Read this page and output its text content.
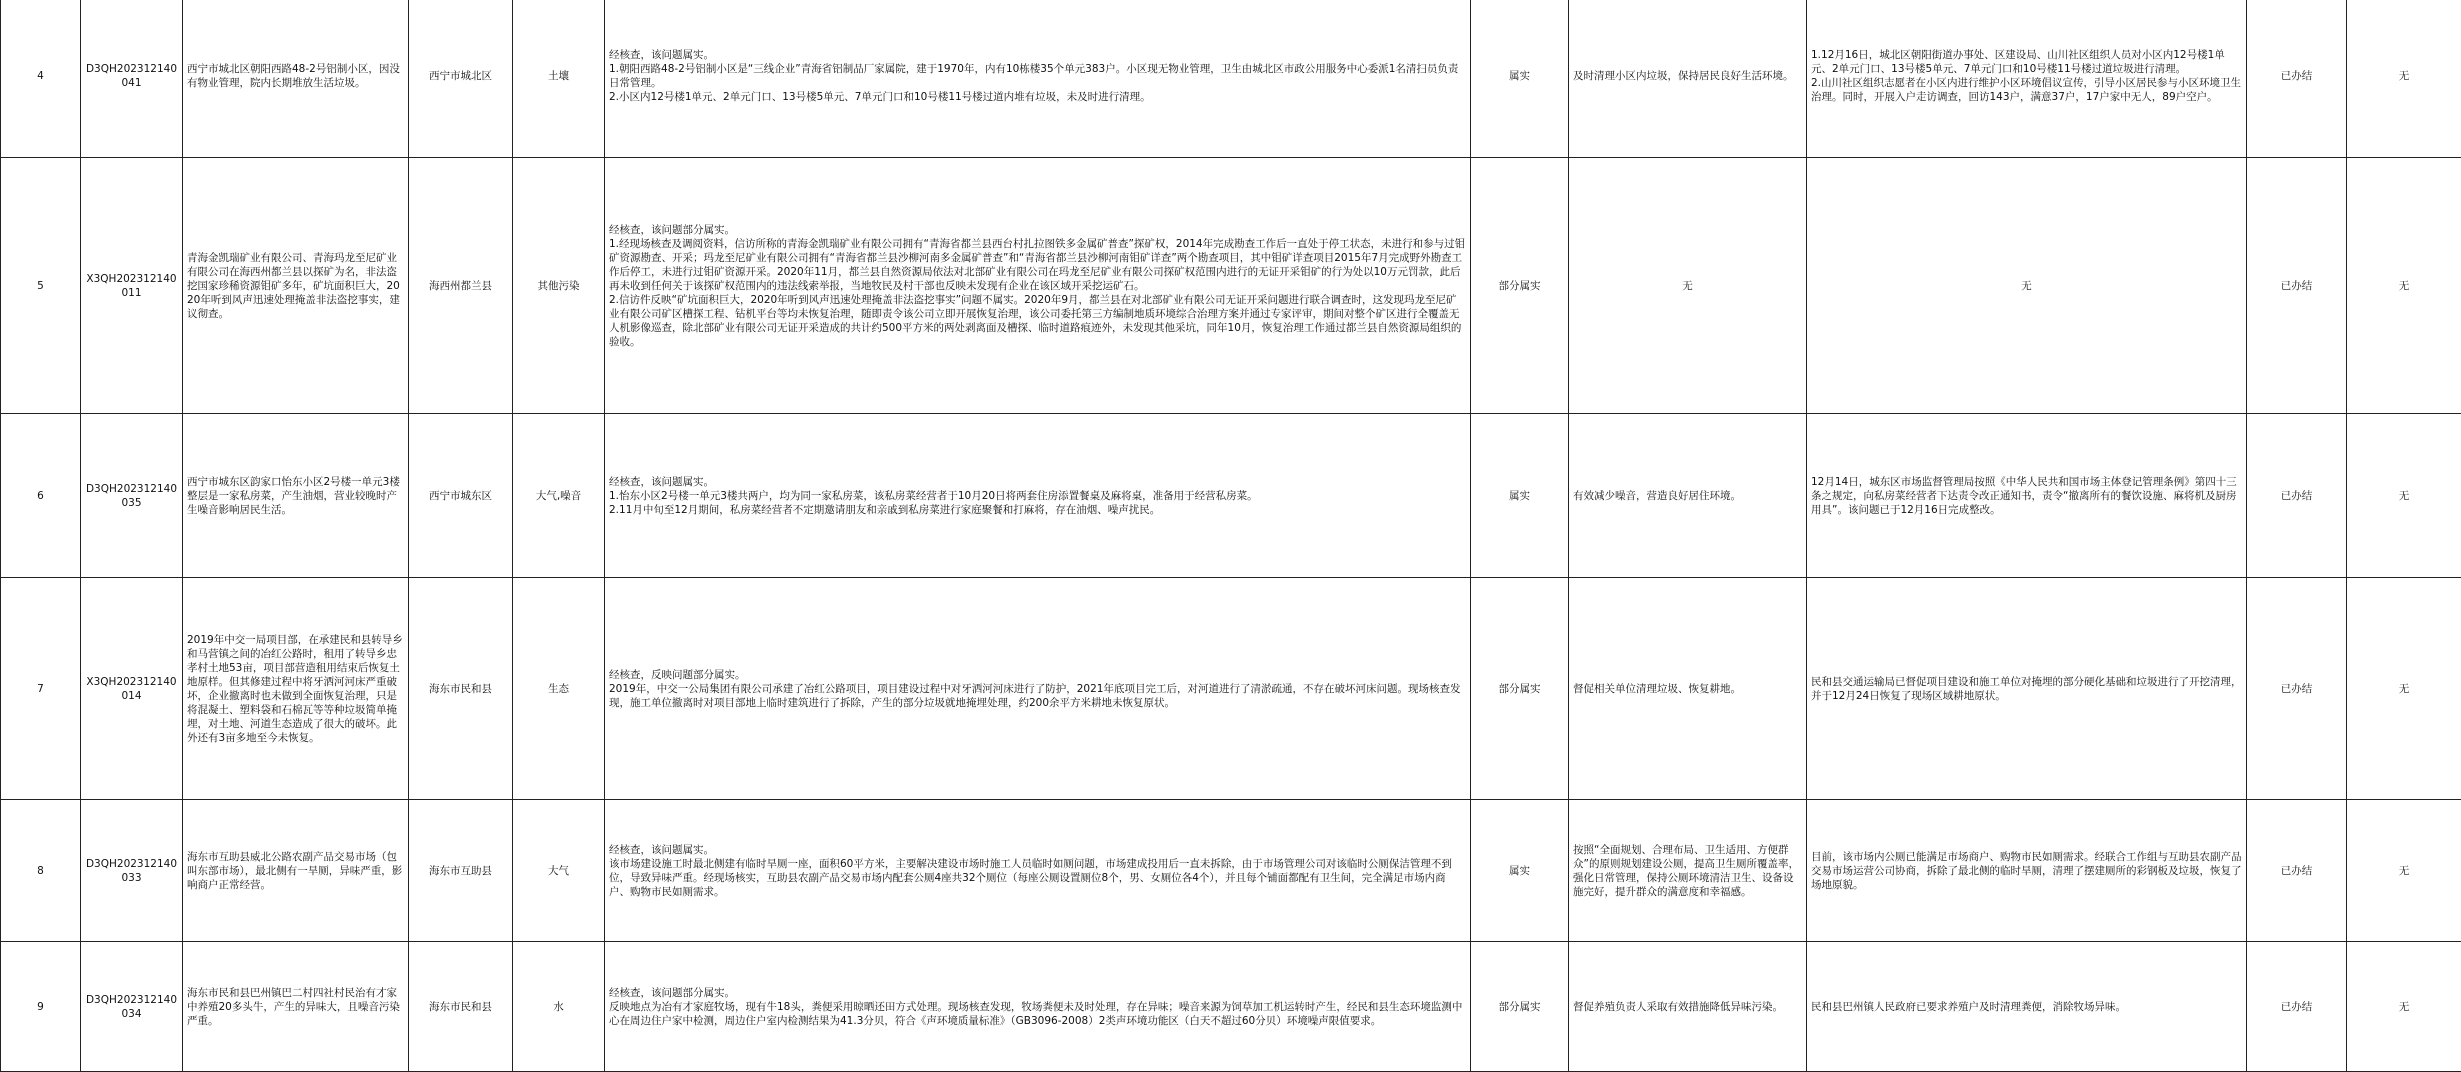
4	D3QH202312140041	西宁市城北区朝阳西路48-2号铝制小区，因没有物业管理，院内长期堆放生活垃圾。	西宁市城北区	土壤	经核查，该问题属实。
1.朝阳西路48-2号铝制小区是“三线企业”青海省铝制品厂家属院，建于1970年，内有10栋楼35个单元383户。小区现无物业管理，卫生由城北区市政公用服务中心委派1名清扫员负责日常管理。
2.小区内12号楼1单元、2单元门口、13号楼5单元、7单元门口和10号楼11号楼过道内堆有垃圾，未及时进行清理。	属实	及时清理小区内垃圾，保持居民良好生活环境。	1.12月16日，城北区朝阳街道办事处、区建设局、山川社区组织人员对小区内12号楼1单元、2单元门口、13号楼5单元、7单元门口和10号楼11号楼过道垃圾进行清理。
2.山川社区组织志愿者在小区内进行维护小区环境倡议宣传，引导小区居民参与小区环境卫生治理。同时，开展入户走访调查，回访143户，满意37户，17户家中无人，89户空户。	已办结	无
5	X3QH202312140011	青海金凯瑞矿业有限公司、青海玛龙至尼矿业有限公司在海西州都兰县以探矿为名，非法盗挖国家珍稀资源钼矿多年，矿坑面积巨大，2020年听到风声迅速处理掩盖非法盗挖事实，建议彻查。	海西州都兰县	其他污染	经核查，该问题部分属实。
1.经现场核查及调阅资料，信访所称的青海金凯瑞矿业有限公司拥有“青海省都兰县西台村扎拉图铁多金属矿普查”探矿权，2014年完成勘查工作后一直处于停工状态，未进行和参与过钼矿资源勘查、开采；玛龙至尼矿业有限公司拥有“青海省都兰县沙柳河南多金属矿普查”和“青海省都兰县沙柳河南钼矿详查”两个勘查项目，其中钼矿详查项目2015年7月完成野外勘查工作后停工，未进行过钼矿资源开采。2020年11月，都兰县自然资源局依法对北部矿业有限公司在玛龙至尼矿业有限公司探矿权范围内进行的无证开采钼矿的行为处以10万元罚款，此后再未收到任何关于该探矿权范围内的违法线索举报，当地牧民及村干部也反映未发现有企业在该区域开采挖运矿石。
2.信访件反映“矿坑面积巨大，2020年听到风声迅速处理掩盖非法盗挖事实”问题不属实。2020年9月，都兰县在对北部矿业有限公司无证开采问题进行联合调查时，这发现玛龙至尼矿业有限公司矿区槽探工程、钻机平台等均未恢复治理，随即责令该公司立即开展恢复治理，该公司委托第三方编制地质环境综合治理方案并通过专家评审，期间对整个矿区进行全覆盖无人机影像巡查，除北部矿业有限公司无证开采造成的共计约500平方米的两处剥离面及槽探、临时道路痕迹外，未发现其他采坑，同年10月，恢复治理工作通过都兰县自然资源局组织的验收。	部分属实	无	无	已办结	无
6	D3QH202312140035	西宁市城东区韵家口怡东小区2号楼一单元3楼整层是一家私房菜，产生油烟，营业较晚时产生噪音影响居民生活。	西宁市城东区	大气,噪音	经核查，该问题属实。
1.怡东小区2号楼一单元3楼共两户，均为同一家私房菜，该私房菜经营者于10月20日将两套住房添置餐桌及麻将桌，准备用于经营私房菜。
2.11月中旬至12月期间，私房菜经营者不定期邀请朋友和亲戚到私房菜进行家庭聚餐和打麻将，存在油烟、噪声扰民。	属实	有效减少噪音，营造良好居住环境。	12月14日，城东区市场监督管理局按照《中华人民共和国市场主体登记管理条例》第四十三条之规定，向私房菜经营者下达责令改正通知书，责令“撤离所有的餐饮设施、麻将机及厨房用具”。该问题已于12月16日完成整改。	已办结	无
7	X3QH202312140014	2019年中交一局项目部，在承建民和县转导乡和马营镇之间的冶红公路时，租用了转导乡忠孝村土地53亩，项目部营造租用结束后恢复土地原样。但其修建过程中将牙洒河河床严重破坏，企业撤离时也未做到全面恢复治理，只是将混凝土、塑料袋和石棉瓦等等种垃圾简单掩埋，对土地、河道生态造成了很大的破坏。此外还有3亩多地至今未恢复。	海东市民和县	生态	经核查，反映问题部分属实。
2019年，中交一公局集团有限公司承建了冶红公路项目，项目建设过程中对牙洒河河床进行了防护，2021年底项目完工后，对河道进行了清淤疏通，不存在破坏河床问题。现场核查发现，施工单位撤离时对项目部地上临时建筑进行了拆除，产生的部分垃圾就地掩埋处理，约200余平方米耕地未恢复原状。	部分属实	督促相关单位清理垃圾、恢复耕地。	民和县交通运输局已督促项目建设和施工单位对掩埋的部分硬化基础和垃圾进行了开挖清理，并于12月24日恢复了现场区域耕地原状。	已办结	无
8	D3QH202312140033	海东市互助县威北公路农副产品交易市场（包叫东部市场），最北侧有一旱厕，异味严重，影响商户正常经营。	海东市互助县	大气	经核查，该问题属实。
该市场建设施工时最北侧建有临时旱厕一座，面积60平方米，主要解决建设市场时施工人员临时如厕问题，市场建成投用后一直未拆除，由于市场管理公司对该临时公厕保洁管理不到位，导致异味严重。经现场核实，互助县农副产品交易市场内配套公厕4座共32个厕位（每座公厕设置厕位8个，男、女厕位各4个），并且每个铺面都配有卫生间，完全满足市场内商户、购物市民如厕需求。	属实	按照“全面规划、合理布局、卫生适用、方便群众”的原则规划建设公厕，提高卫生厕所覆盖率，强化日常管理，保持公厕环境清洁卫生、设备设施完好，提升群众的满意度和幸福感。	目前，该市场内公厕已能满足市场商户、购物市民如厕需求。经联合工作组与互助县农副产品交易市场运营公司协商，拆除了最北侧的临时旱厕，清理了摆建厕所的彩钢板及垃圾，恢复了场地原貌。	已办结	无
9	D3QH202312140034	海东市民和县巴州镇巴二村四社村民治有才家中养殖20多头牛，产生的异味大，且噪音污染严重。	海东市民和县	水	经核查，该问题部分属实。
反映地点为冶有才家庭牧场，现有牛18头，粪便采用晾晒还田方式处理。现场核查发现，牧场粪便未及时处理，存在异味；噪音来源为饲草加工机运转时产生，经民和县生态环境监测中心在周边住户家中检测，周边住户室内检测结果为41.3分贝，符合《声环境质量标准》（GB3096-2008）2类声环境功能区（白天不超过60分贝）环境噪声限值要求。	部分属实	督促养殖负责人采取有效措施降低异味污染。	民和县巴州镇人民政府已要求养殖户及时清理粪便，消除牧场异味。	已办结	无
